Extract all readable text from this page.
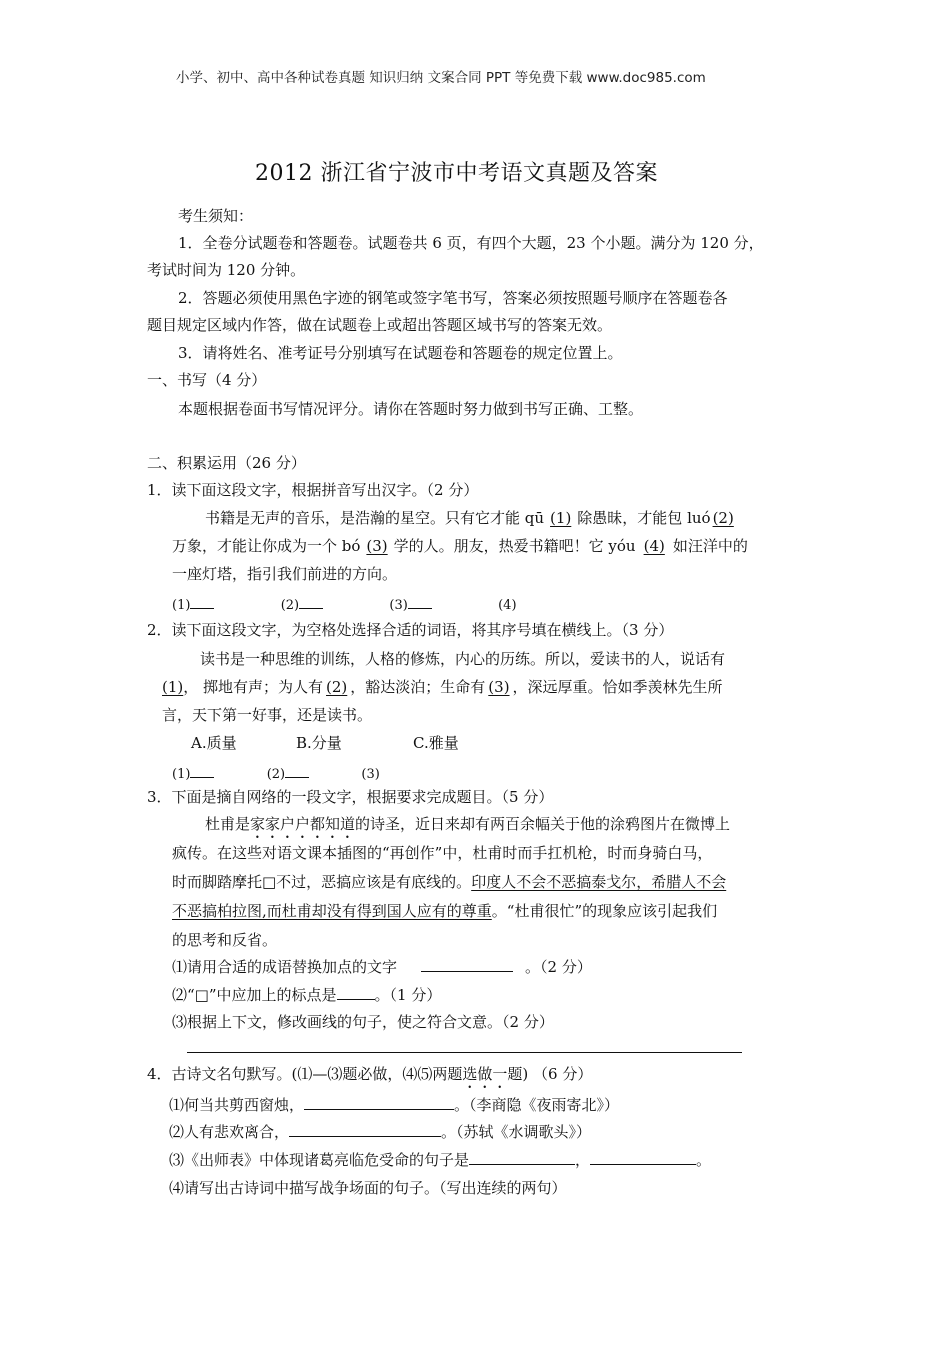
小学、初中、高中各种试卷真题 知识归纳 文案合同 PPT 等免费下载 www.doc985.com
2012 浙江省宁波市中考语文真题及答案
考生须知：
1．全卷分试题卷和答题卷。试题卷共 6 页，有四个大题，23 个小题。满分为 120 分，
考试时间为 120 分钟。
2．答题必须使用黑色字迹的钢笔或签字笔书写，答案必须按照题号顺序在答题卷各
题目规定区域内作答，做在试题卷上或超出答题区域书写的答案无效。
3．请将姓名、准考证号分别填写在试题卷和答题卷的规定位置上。
一、书写（4 分）
本题根据卷面书写情况评分。请你在答题时努力做到书写正确、工整。
二、积累运用（26 分）
1．读下面这段文字，根据拼音写出汉字。（2 分）
书籍是无声的音乐，是浩瀚的星空。只有它才能 qū (1) 除愚昧，才能包 luó (2)
万象，才能让你成为一个 bó (3) 学的人。朋友，热爱书籍吧！它 yóu (4) 如汪洋中的
一座灯塔，指引我们前进的方向。
(1)	(2)	(3)	(4)
2．读下面这段文字，为空格处选择合适的词语，将其序号填在横线上。（3 分）
读书是一种思维的训练，人格的修炼，内心的历练。所以，爱读书的人，说话有
(1)， 掷地有声；为人有 (2) ，豁达淡泊；生命有 (3) ，深远厚重。恰如季羡林先生所
言，天下第一好事，还是读书。
A.质量	B.分量	C.雅量
(1)	(2)	(3)
3．下面是摘自网络的一段文字，根据要求完成题目。（5 分）
杜甫是家家户户都知道的诗圣，近日来却有两百余幅关于他的涂鸦图片在微博上
疯传。在这些对语文课本插图的“再创作”中，杜甫时而手扛机枪，时而身骑白马，
时而脚踏摩托□不过，恶搞应该是有底线的。印度人不会不恶搞泰戈尔，希腊人不会
不恶搞柏拉图,而杜甫却没有得到国人应有的尊重。“杜甫很忙”的现象应该引起我们
的思考和反省。
⑴请用合适的成语替换加点的文字	。（2 分）
⑵“□”中应加上的标点是	。（1 分）
⑶根据上下文，修改画线的句子，使之符合文意。（2 分）
4．古诗文名句默写。(⑴—⑶题必做，⑷⑸两题选做一题) （6 分）
⑴何当共剪西窗烛，	。（李商隐《夜雨寄北》）
⑵人有悲欢离合，	。（苏轼《水调歌头》）
⑶《出师表》中体现诸葛亮临危受命的句子是	，	。
⑷请写出古诗词中描写战争场面的句子。（写出连续的两句）
